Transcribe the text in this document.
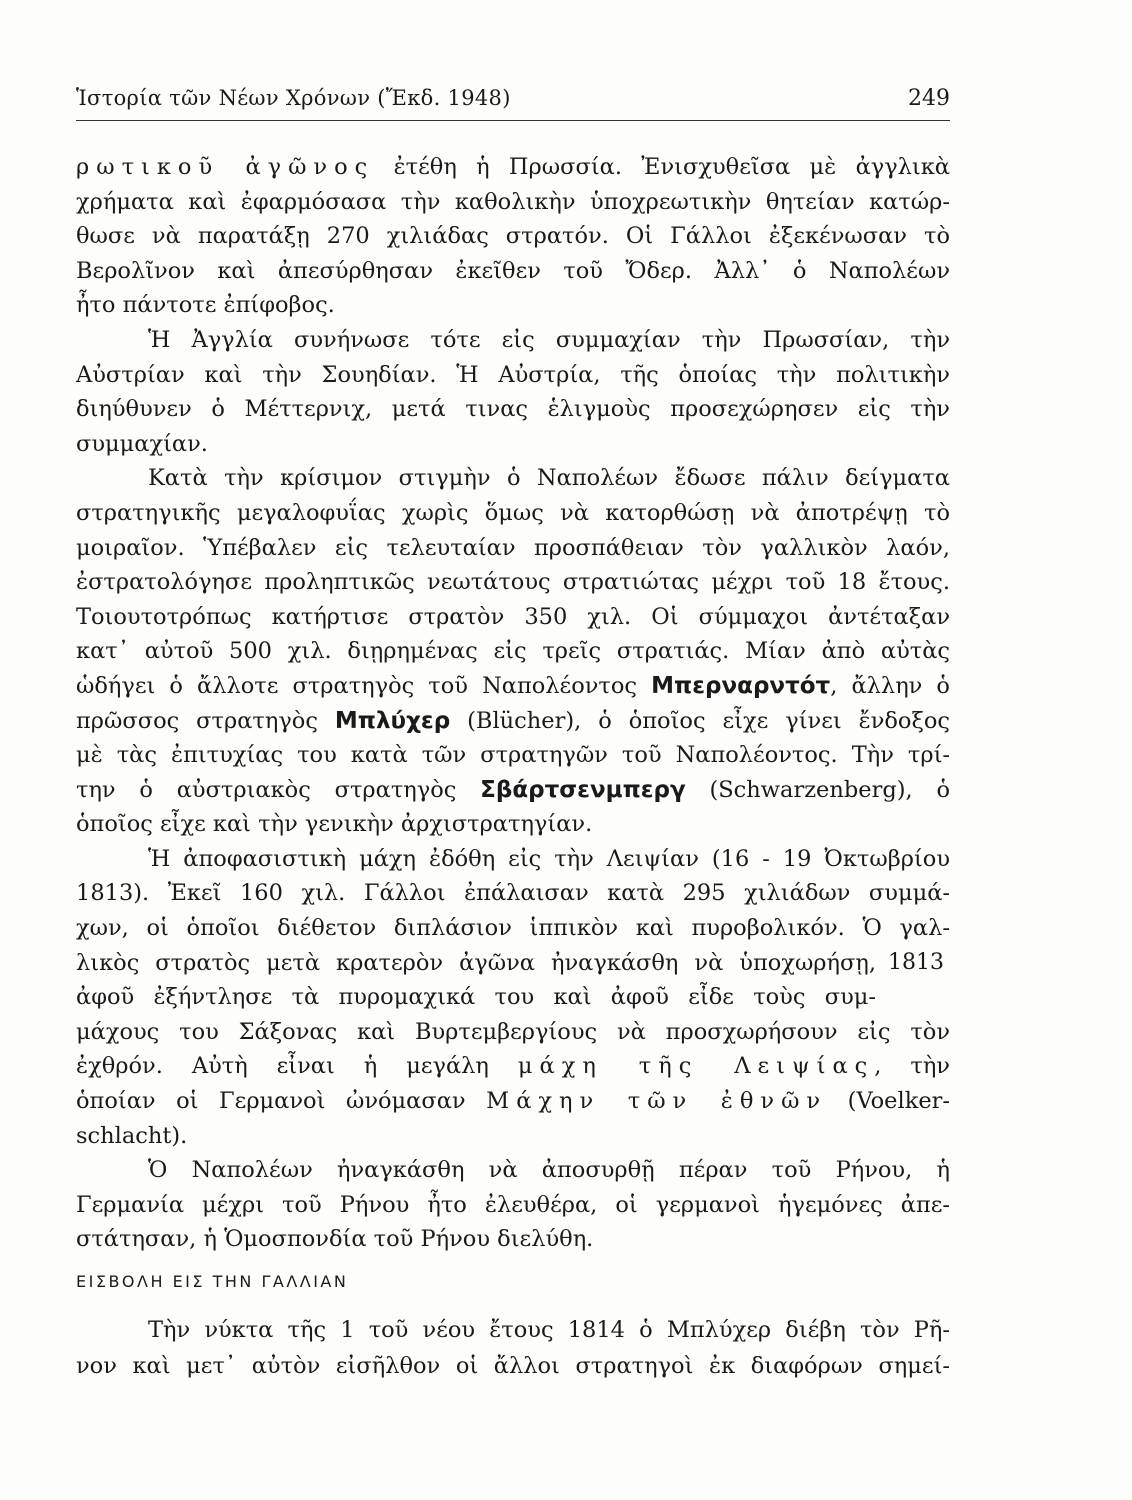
Ἱστορία τῶν Νέων Χρόνων (Ἔκδ. 1948)	249
ρωτικοῦ ἀγῶνος ἐτέθη ἡ Πρωσσία. Ἐνισχυθεῖσα μὲ ἀγγλικὰ
χρήματα καὶ ἐφαρμόσασα τὴν καθολικὴν ὑποχρεωτικὴν θητείαν κατώρ-
θωσε νὰ παρατάξῃ 270 χιλιάδας στρατόν. Οἱ Γάλλοι ἐξεκένωσαν τὸ
Βερολῖνον καὶ ἀπεσύρθησαν ἐκεῖθεν τοῦ Ὄδερ. Ἀλλ᾽ ὁ Ναπολέων
ἦτο πάντοτε ἐπίφοβος.
Ἡ Ἀγγλία συνήνωσε τότε εἰς συμμαχίαν τὴν Πρωσσίαν, τὴν
Αὐστρίαν καὶ τὴν Σουηδίαν. Ἡ Αὐστρία, τῆς ὁποίας τὴν πολιτικὴν
διηύθυνεν ὁ Μέττερνιχ, μετά τινας ἑλιγμοὺς προσεχώρησεν εἰς τὴν
συμμαχίαν.
Κατὰ τὴν κρίσιμον στιγμὴν ὁ Ναπολέων ἔδωσε πάλιν δείγματα
στρατηγικῆς μεγαλοφυΐας χωρὶς ὅμως νὰ κατορθώσῃ νὰ ἀποτρέψῃ τὸ
μοιραῖον. Ὑπέβαλεν εἰς τελευταίαν προσπάθειαν τὸν γαλλικὸν λαόν,
ἐστρατολόγησε προληπτικῶς νεωτάτους στρατιώτας μέχρι τοῦ 18 ἔτους.
Τοιουτοτρόπως κατήρτισε στρατὸν 350 χιλ. Οἱ σύμμαχοι ἀντέταξαν
κατ᾽ αὐτοῦ 500 χιλ. διῃρημένας εἰς τρεῖς στρατιάς. Μίαν ἀπὸ αὐτὰς
ὡδήγει ὁ ἄλλοτε στρατηγὸς τοῦ Ναπολέοντος Μπερναρντότ, ἄλλην ὁ
πρῶσσος στρατηγὸς Μπλύχερ (Blücher), ὁ ὁποῖος εἶχε γίνει ἔνδοξος
μὲ τὰς ἐπιτυχίας του κατὰ τῶν στρατηγῶν τοῦ Ναπολέοντος. Τὴν τρί-
την ὁ αὐστριακὸς στρατηγὸς Σβάρτσενμπεργ (Schwarzenberg), ὁ
ὁποῖος εἶχε καὶ τὴν γενικὴν ἀρχιστρατηγίαν.
Ἡ ἀποφασιστικὴ μάχη ἐδόθη εἰς τὴν Λειψίαν (16 - 19 Ὀκτωβρίου
1813). Ἐκεῖ 160 χιλ. Γάλλοι ἐπάλαισαν κατὰ 295 χιλιάδων συμμά-
χων, οἱ ὁποῖοι διέθετον διπλάσιον ἱππικὸν καὶ πυροβολικόν. Ὁ γαλ-
λικὸς στρατὸς μετὰ κρατερὸν ἀγῶνα ἠναγκάσθη νὰ ὑποχωρήσῃ,
ἀφοῦ ἐξήντλησε τὰ πυρομαχικά του καὶ ἀφοῦ εἶδε τοὺς συμ-
μάχους του Σάξονας καὶ Βυρτεμβεργίους νὰ προσχωρήσουν εἰς τὸν
ἐχθρόν. Αὐτὴ εἶναι ἡ μεγάλη μάχη τῆς Λειψίας, τὴν
ὁποίαν οἱ Γερμανοὶ ὠνόμασαν Μάχην τῶν ἐθνῶν (Voelker-
schlacht).
Ὁ Ναπολέων ἠναγκάσθη νὰ ἀποσυρθῇ πέραν τοῦ Ρήνου, ἡ
Γερμανία μέχρι τοῦ Ρήνου ἦτο ἐλευθέρα, οἱ γερμανοὶ ἡγεμόνες ἀπε-
στάτησαν, ἡ Ὁμοσπονδία τοῦ Ρήνου διελύθη.
1813
ΕΙΣΒΟΛΗ ΕΙΣ ΤΗΝ ΓΑΛΛΙΑΝ
Τὴν νύκτα τῆς 1 τοῦ νέου ἔτους 1814 ὁ Μπλύχερ διέβη τὸν Ρῆ-
νον καὶ μετ᾽ αὐτὸν εἰσῆλθον οἱ ἄλλοι στρατηγοὶ ἐκ διαφόρων σημεί-
